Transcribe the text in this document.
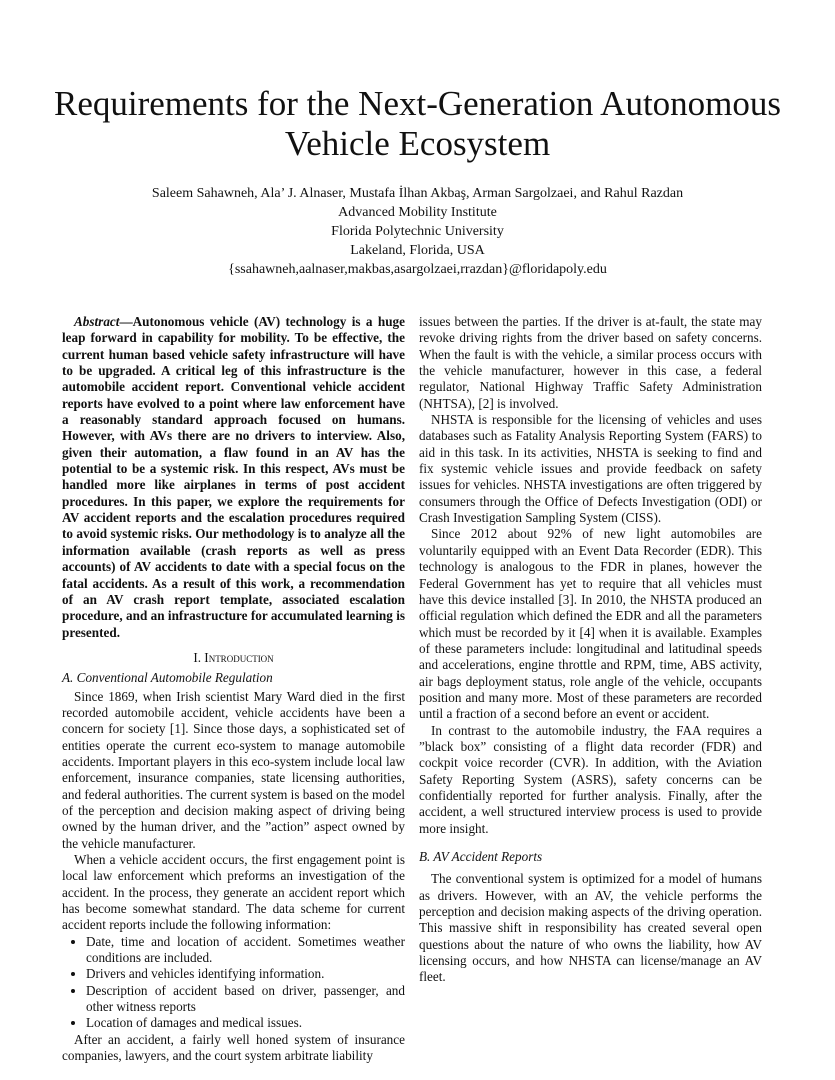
Requirements for the Next-Generation Autonomous
Vehicle Ecosystem
Saleem Sahawneh, Ala’ J. Alnaser, Mustafa İlhan Akbaş, Arman Sargolzaei, and Rahul Razdan
Advanced Mobility Institute
Florida Polytechnic University
Lakeland, Florida, USA
{ssahawneh,aalnaser,makbas,asargolzaei,rrazdan}@floridapoly.edu

Abstract—Autonomous vehicle (AV) technology is a huge leap forward in capability for mobility. To be effective, the current human based vehicle safety infrastructure will have to be upgraded. A critical leg of this infrastructure is the automobile accident report. Conventional vehicle accident reports have evolved to a point where law enforcement have a reasonably standard approach focused on humans. However, with AVs there are no drivers to interview. Also, given their automation, a flaw found in an AV has the potential to be a systemic risk. In this respect, AVs must be handled more like airplanes in terms of post accident procedures. In this paper, we explore the requirements for AV accident reports and the escalation procedures required to avoid systemic risks. Our methodology is to analyze all the information available (crash reports as well as press accounts) of AV accidents to date with a special focus on the fatal accidents. As a result of this work, a recommendation of an AV crash report template, associated escalation procedure, and an infrastructure for accumulated learning is presented.

I. Introduction
A. Conventional Automobile Regulation

Since 1869, when Irish scientist Mary Ward died in the first recorded automobile accident, vehicle accidents have been a concern for society [1]. Since those days, a sophisticated set of entities operate the current eco-system to manage automobile accidents. Important players in this eco-system include local law enforcement, insurance companies, state licensing authorities, and federal authorities. The current system is based on the model of the perception and decision making aspect of driving being owned by the human driver, and the ”action” aspect owned by the vehicle manufacturer.

When a vehicle accident occurs, the first engagement point is local law enforcement which preforms an investigation of the accident. In the process, they generate an accident report which has become somewhat standard. The data scheme for current accident reports include the following information:

• Date, time and location of accident. Sometimes weather conditions are included.
• Drivers and vehicles identifying information.
• Description of accident based on driver, passenger, and other witness reports
• Location of damages and medical issues.

After an accident, a fairly well honed system of insurance companies, lawyers, and the court system arbitrate liability

issues between the parties. If the driver is at-fault, the state may revoke driving rights from the driver based on safety concerns. When the fault is with the vehicle, a similar process occurs with the vehicle manufacturer, however in this case, a federal regulator, National Highway Traffic Safety Administration (NHTSA), [2] is involved.

NHSTA is responsible for the licensing of vehicles and uses databases such as Fatality Analysis Reporting System (FARS) to aid in this task. In its activities, NHSTA is seeking to find and fix systemic vehicle issues and provide feedback on safety issues for vehicles. NHSTA investigations are often triggered by consumers through the Office of Defects Investigation (ODI) or Crash Investigation Sampling System (CISS).

Since 2012 about 92% of new light automobiles are voluntarily equipped with an Event Data Recorder (EDR). This technology is analogous to the FDR in planes, however the Federal Government has yet to require that all vehicles must have this device installed [3]. In 2010, the NHSTA produced an official regulation which defined the EDR and all the parameters which must be recorded by it [4] when it is available. Examples of these parameters include: longitudinal and latitudinal speeds and accelerations, engine throttle and RPM, time, ABS activity, air bags deployment status, role angle of the vehicle, occupants position and many more. Most of these parameters are recorded until a fraction of a second before an event or accident.

In contrast to the automobile industry, the FAA requires a ”black box” consisting of a flight data recorder (FDR) and cockpit voice recorder (CVR). In addition, with the Aviation Safety Reporting System (ASRS), safety concerns can be confidentially reported for further analysis. Finally, after the accident, a well structured interview process is used to provide more insight.

B. AV Accident Reports

The conventional system is optimized for a model of humans as drivers. However, with an AV, the vehicle performs the perception and decision making aspects of the driving operation. This massive shift in responsibility has created several open questions about the nature of who owns the liability, how AV licensing occurs, and how NHSTA can license/manage an AV fleet.
